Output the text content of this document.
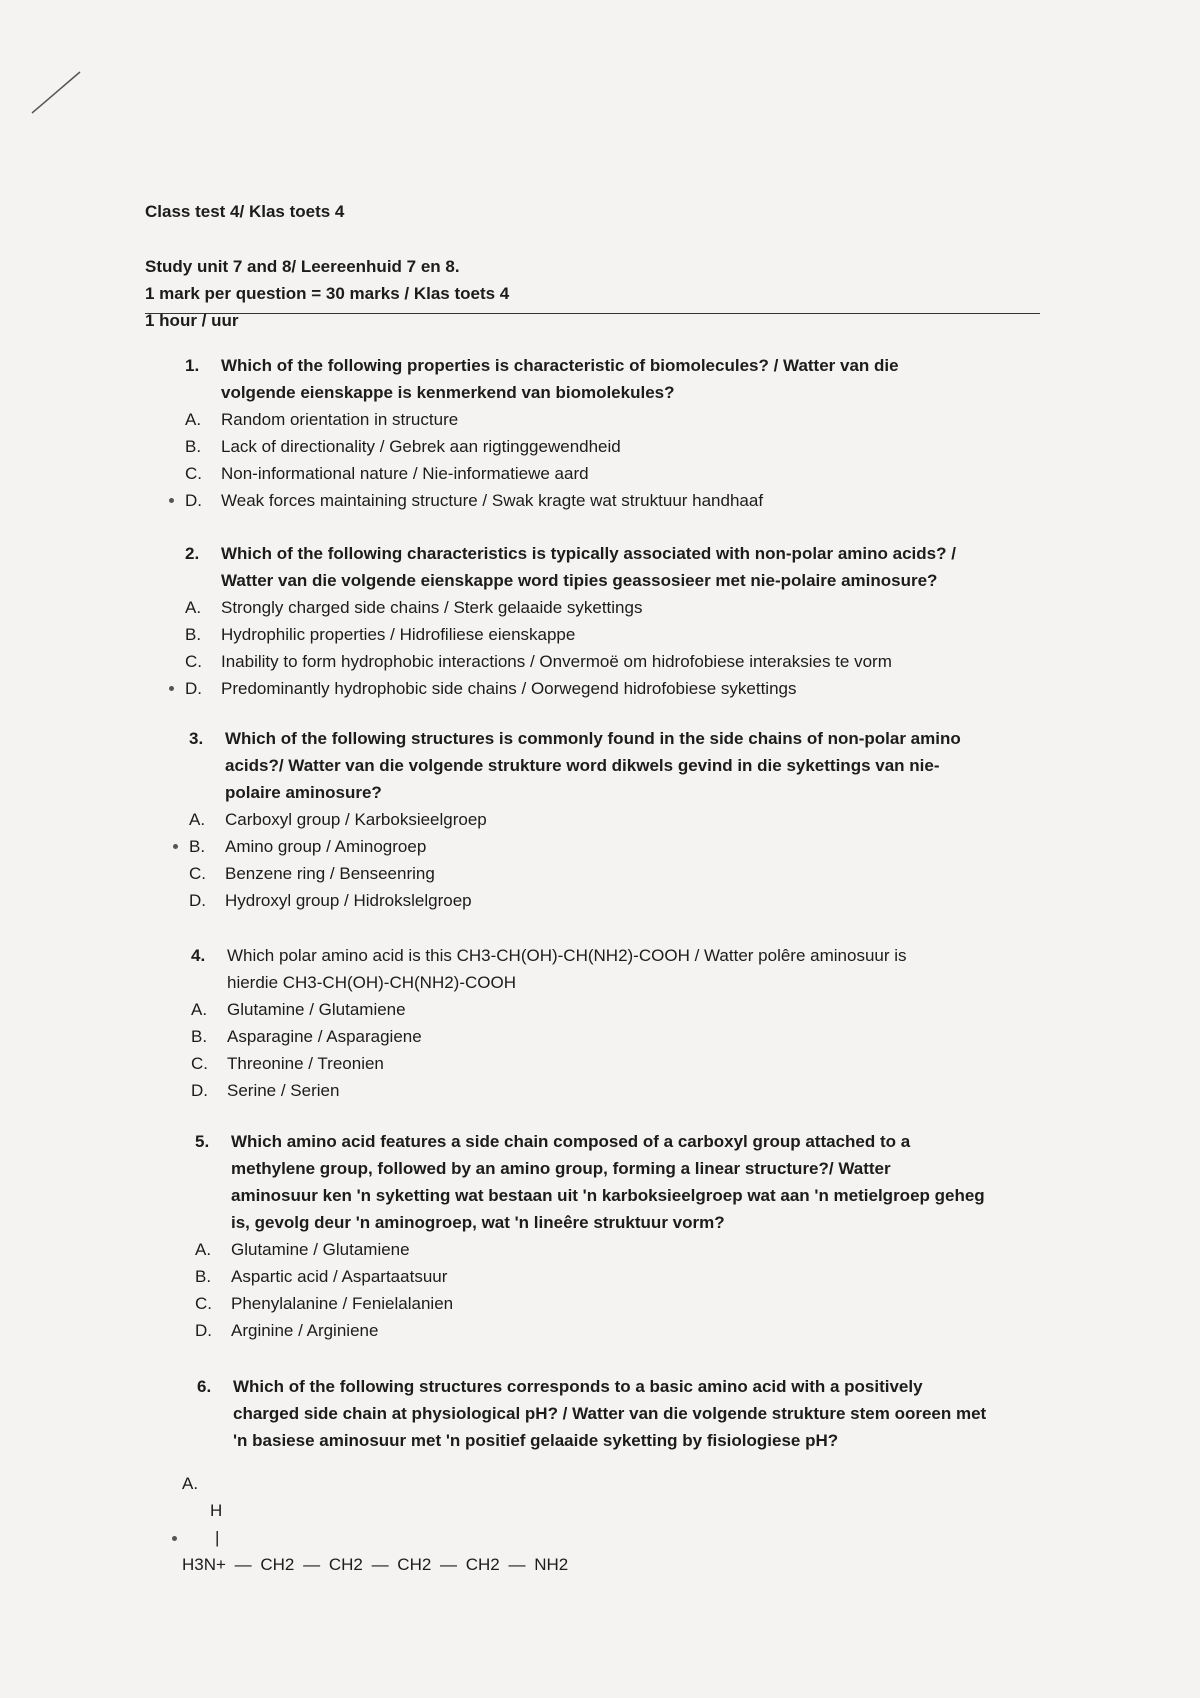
Class test 4/ Klas toets 4
Study unit 7 and 8/ Leereenhuid 7 en 8.
1 mark per question = 30 marks / Klas toets 4
1 hour / uur
1.	Which of the following properties is characteristic of biomolecules? / Watter van die
volgende eienskappe is kenmerkend van biomolekules?
A.	Random orientation in structure
B.	Lack of directionality / Gebrek aan rigtinggewendheid
C.	Non-informational nature / Nie-informatiewe aard
D.	Weak forces maintaining structure / Swak kragte wat struktuur handhaaf
2.	Which of the following characteristics is typically associated with non-polar amino acids? /
Watter van die volgende eienskappe word tipies geassosieer met nie-polaire aminosure?
A.	Strongly charged side chains / Sterk gelaaide sykettings
B.	Hydrophilic properties / Hidrofiliese eienskappe
C.	Inability to form hydrophobic interactions / Onvermoë om hidrofobiese interaksies te vorm
D.	Predominantly hydrophobic side chains / Oorwegend hidrofobiese sykettings
3.	Which of the following structures is commonly found in the side chains of non-polar amino
acids?/ Watter van die volgende strukture word dikwels gevind in die sykettings van nie-
polaire aminosure?
A.	Carboxyl group / Karboksieelgroep
B.	Amino group / Aminogroep
C.	Benzene ring / Benseenring
D.	Hydroxyl group / Hidrokslelgroep
4.	Which polar amino acid is this CH3-CH(OH)-CH(NH2)-COOH / Watter polêre aminosuur is
hierdie CH3-CH(OH)-CH(NH2)-COOH
A.	Glutamine / Glutamiene
B.	Asparagine / Asparagiene
C.	Threonine / Treonien
D.	Serine / Serien
5.	Which amino acid features a side chain composed of a carboxyl group attached to a
methylene group, followed by an amino group, forming a linear structure?/ Watter
aminosuur ken 'n syketting wat bestaan uit 'n karboksieelgroep wat aan 'n metielgroep geheg
is, gevolg deur 'n aminogroep, wat 'n lineêre struktuur vorm?
A.	Glutamine / Glutamiene
B.	Aspartic acid / Aspartaatsuur
C.	Phenylalanine / Fenielalanien
D.	Arginine / Arginiene
6.	Which of the following structures corresponds to a basic amino acid with a positively
charged side chain at physiological pH? / Watter van die volgende strukture stem ooreen met
'n basiese aminosuur met 'n positief gelaaide syketting by fisiologiese pH?
A.
H
|
H3N+ — CH2 — CH2 — CH2 — CH2 — NH2
